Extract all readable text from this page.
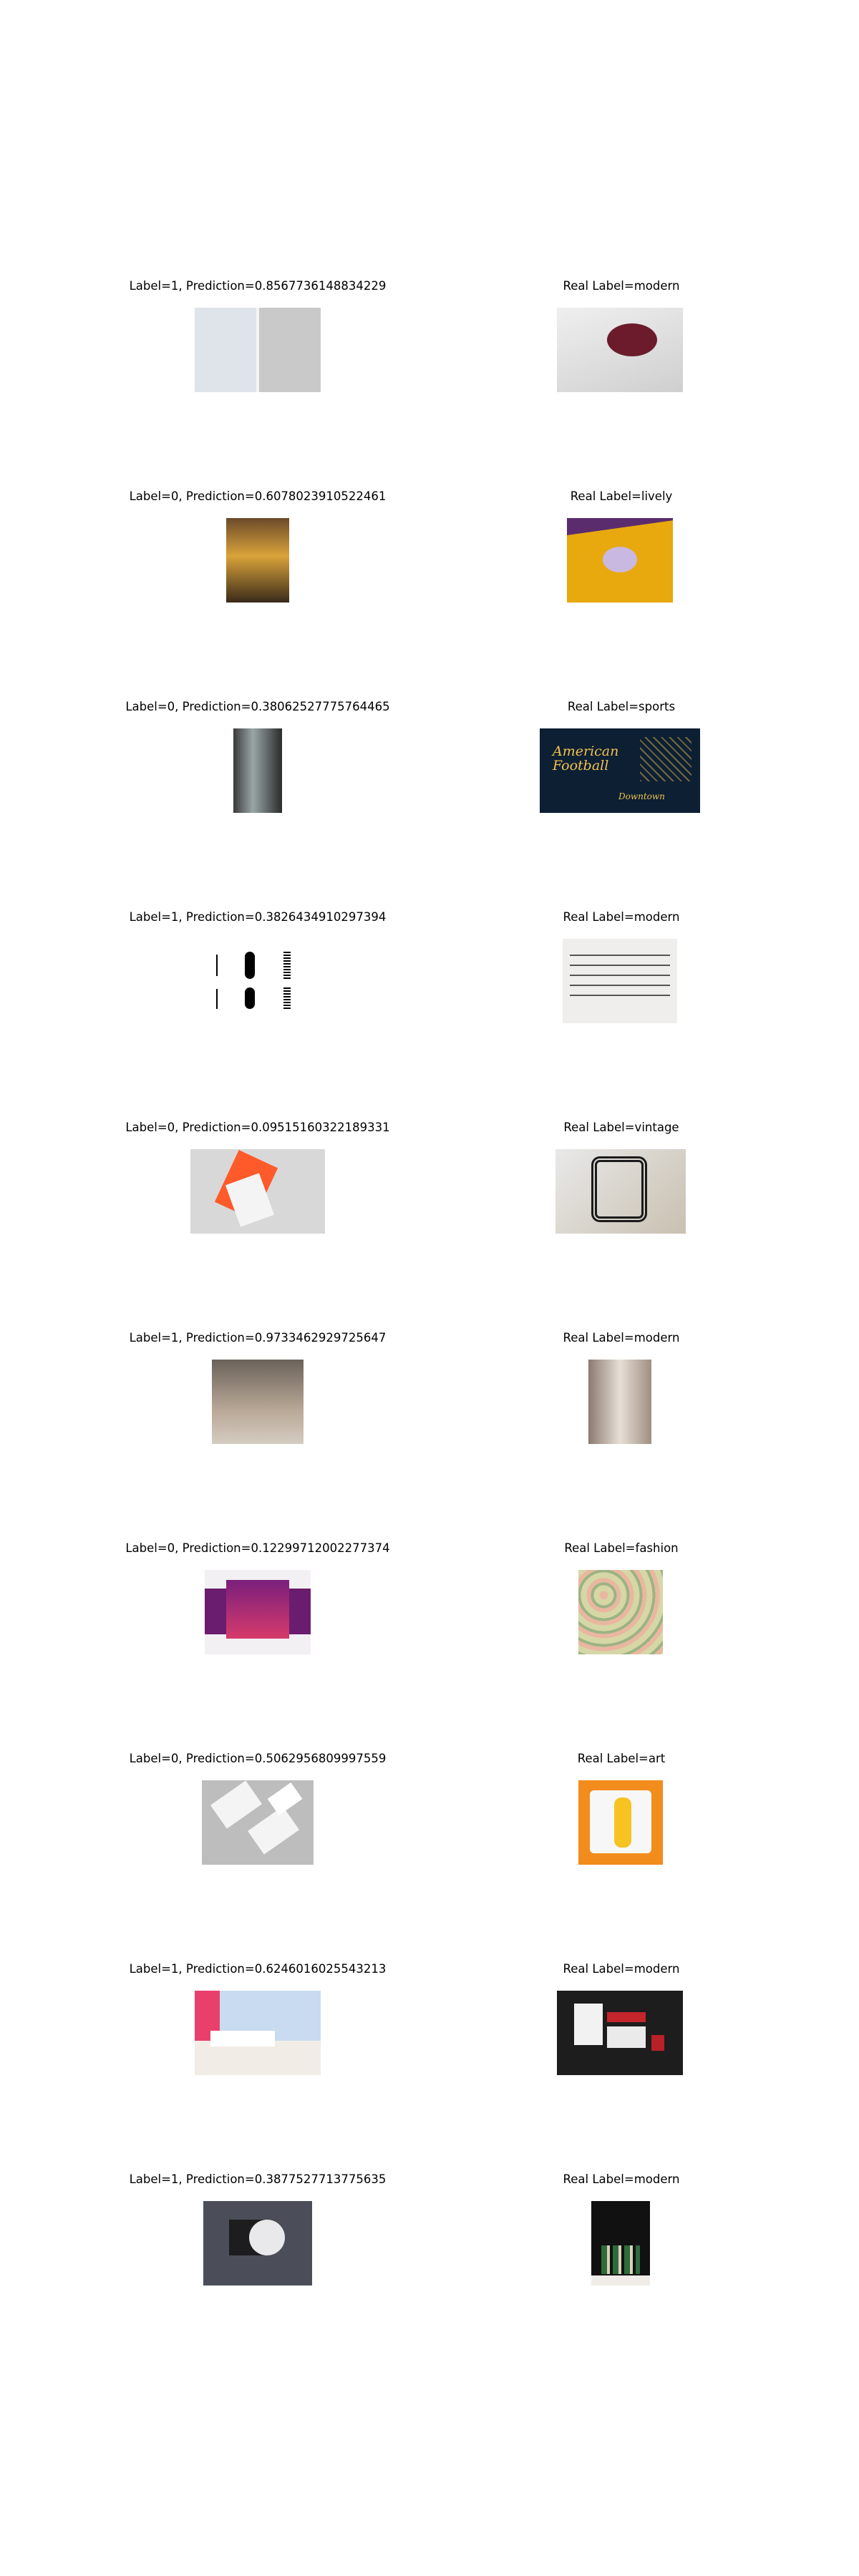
Label=1, Prediction=0.8567736148834229	Real Label=modern
Label=0, Prediction=0.6078023910522461	Real Label=lively
Label=0, Prediction=0.38062527775764465	Real Label=sports
American
Football
Downtown
Label=1, Prediction=0.3826434910297394	Real Label=modern
Label=0, Prediction=0.09515160322189331	Real Label=vintage
Label=1, Prediction=0.9733462929725647	Real Label=modern
Label=0, Prediction=0.12299712002277374	Real Label=fashion
Label=0, Prediction=0.5062956809997559	Real Label=art
Label=1, Prediction=0.6246016025543213	Real Label=modern
Label=1, Prediction=0.3877527713775635	Real Label=modern
